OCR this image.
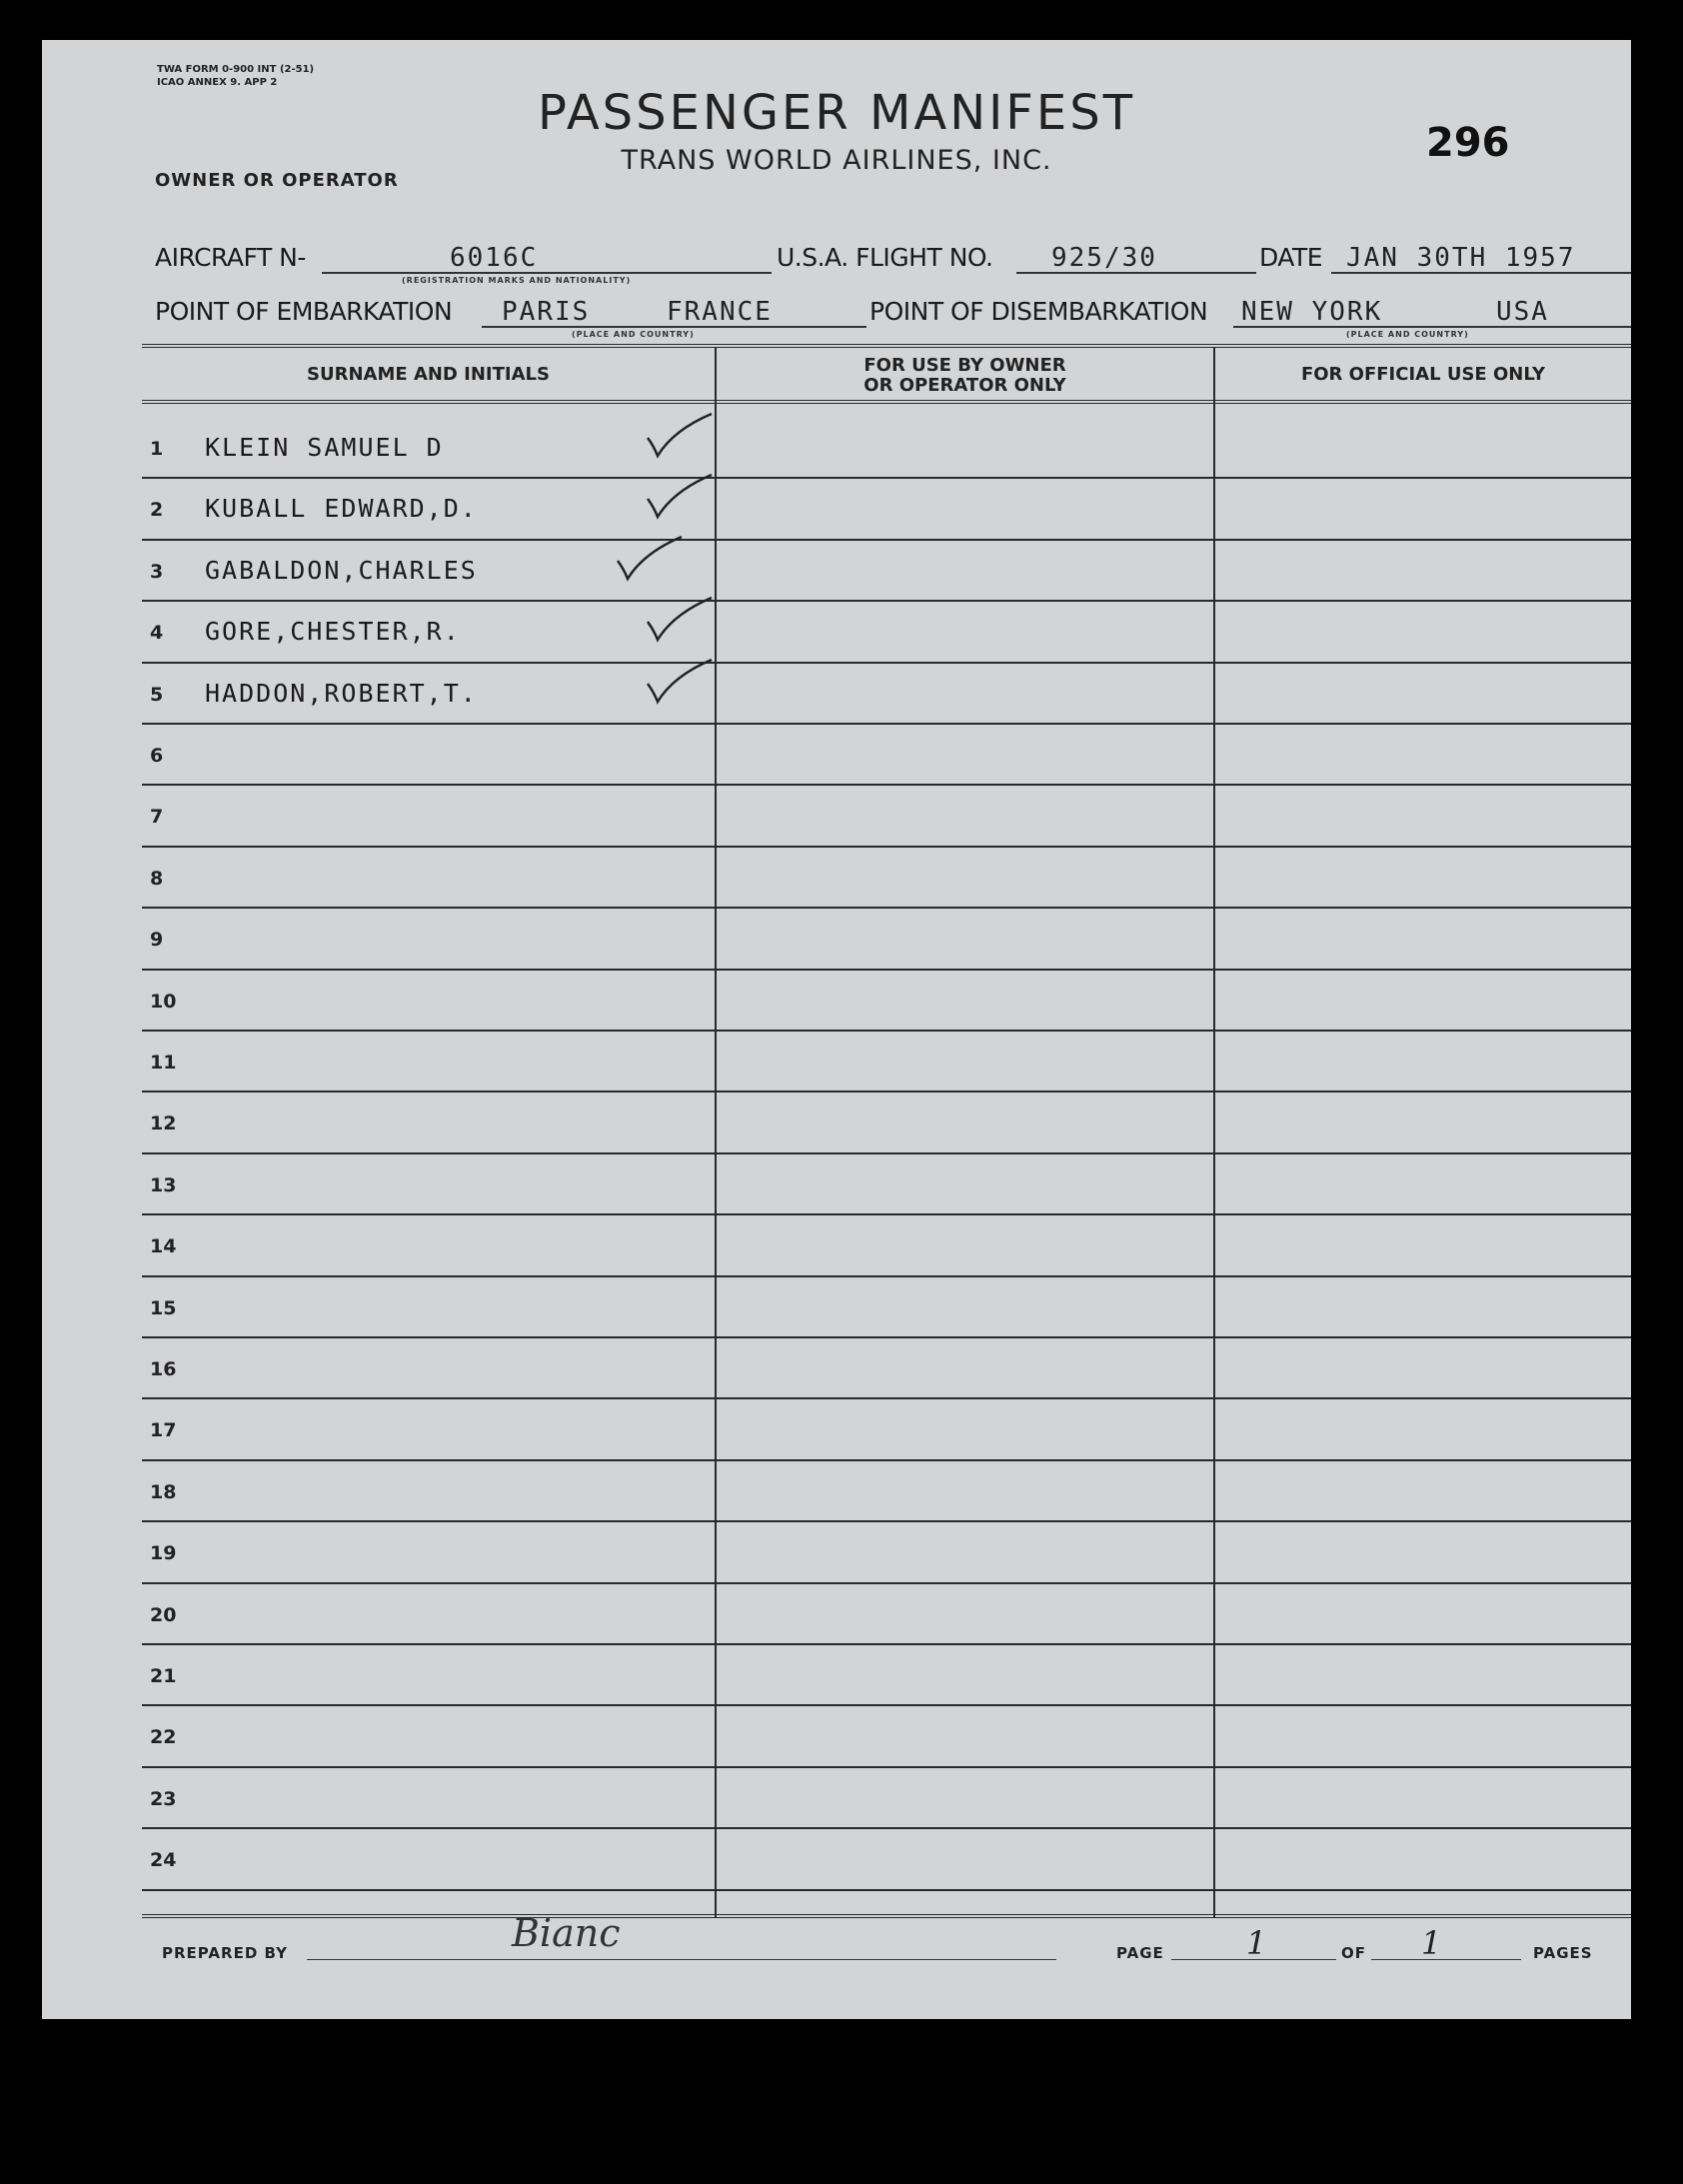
TWA FORM 0-900 INT (2-51)
ICAO ANNEX 9. APP 2
PASSENGER MANIFEST
TRANS WORLD AIRLINES, INC.	296
OWNER OR OPERATOR
AIRCRAFT N-	6016C
(REGISTRATION MARKS AND NATIONALITY)
U.S.A. FLIGHT NO. 925/30	DATE JAN 30TH 1957
POINT OF EMBARKATION PARIS	FRANCE
(PLACE AND COUNTRY)
POINT OF DISEMBARKATION NEW YORK	USA
(PLACE AND COUNTRY)
SURNAME AND INITIALS	FOR USE BY OWNER
OR OPERATOR ONLY
FOR OFFICIAL USE ONLY
1 KLEIN SAMUEL D
2 KUBALL EDWARD,D.
3 GABALDON,CHARLES
4 GORE,CHESTER,R.
5 HADDON,ROBERT,T.
6
7
8
9
10
11
12
13
14
15
16
17
18
19
20
21
22
23
24
PREPARED BY	Bianc	PAGE	1	OF 1	PAGES
